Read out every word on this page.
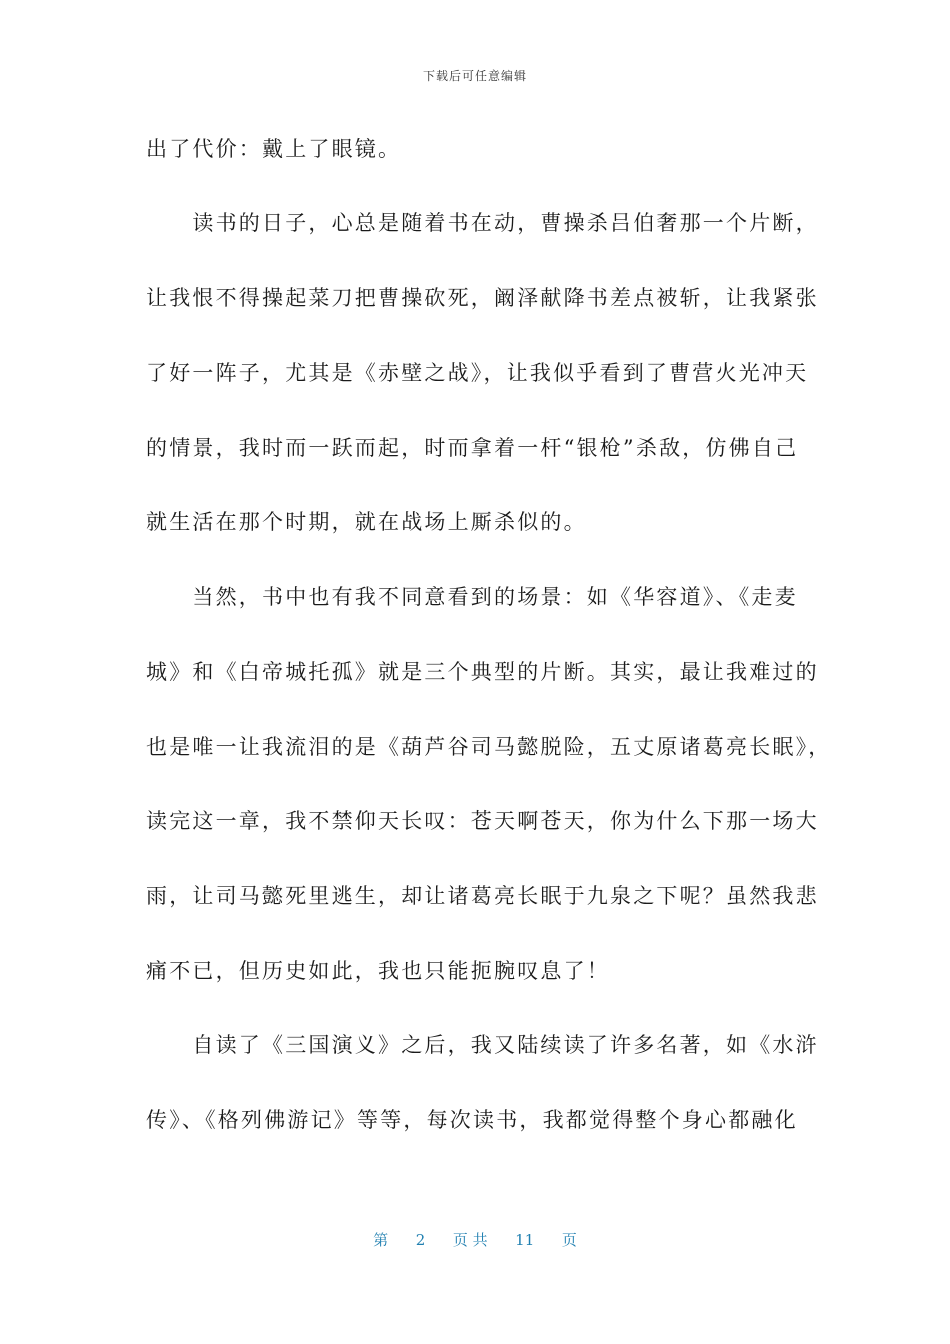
下载后可任意编辑
出了代价：戴上了眼镜。
　　读书的日子，心总是随着书在动，曹操杀吕伯奢那一个片断，
让我恨不得操起菜刀把曹操砍死，阚泽献降书差点被斩，让我紧张
了好一阵子，尤其是《赤壁之战》，让我似乎看到了曹营火光冲天
的情景，我时而一跃而起，时而拿着一杆“银枪”杀敌，仿佛自己
就生活在那个时期，就在战场上厮杀似的。
　　当然，书中也有我不同意看到的场景：如《华容道》、《走麦
城》和《白帝城托孤》就是三个典型的片断。其实，最让我难过的
也是唯一让我流泪的是《葫芦谷司马懿脱险，五丈原诸葛亮长眠》，
读完这一章，我不禁仰天长叹：苍天啊苍天，你为什么下那一场大
雨，让司马懿死里逃生，却让诸葛亮长眠于九泉之下呢？虽然我悲
痛不已，但历史如此，我也只能扼腕叹息了！
　　自读了《三国演义》之后，我又陆续读了许多名著，如《水浒
传》、《格列佛游记》等等，每次读书，我都觉得整个身心都融化
第 2 页 共 11 页
